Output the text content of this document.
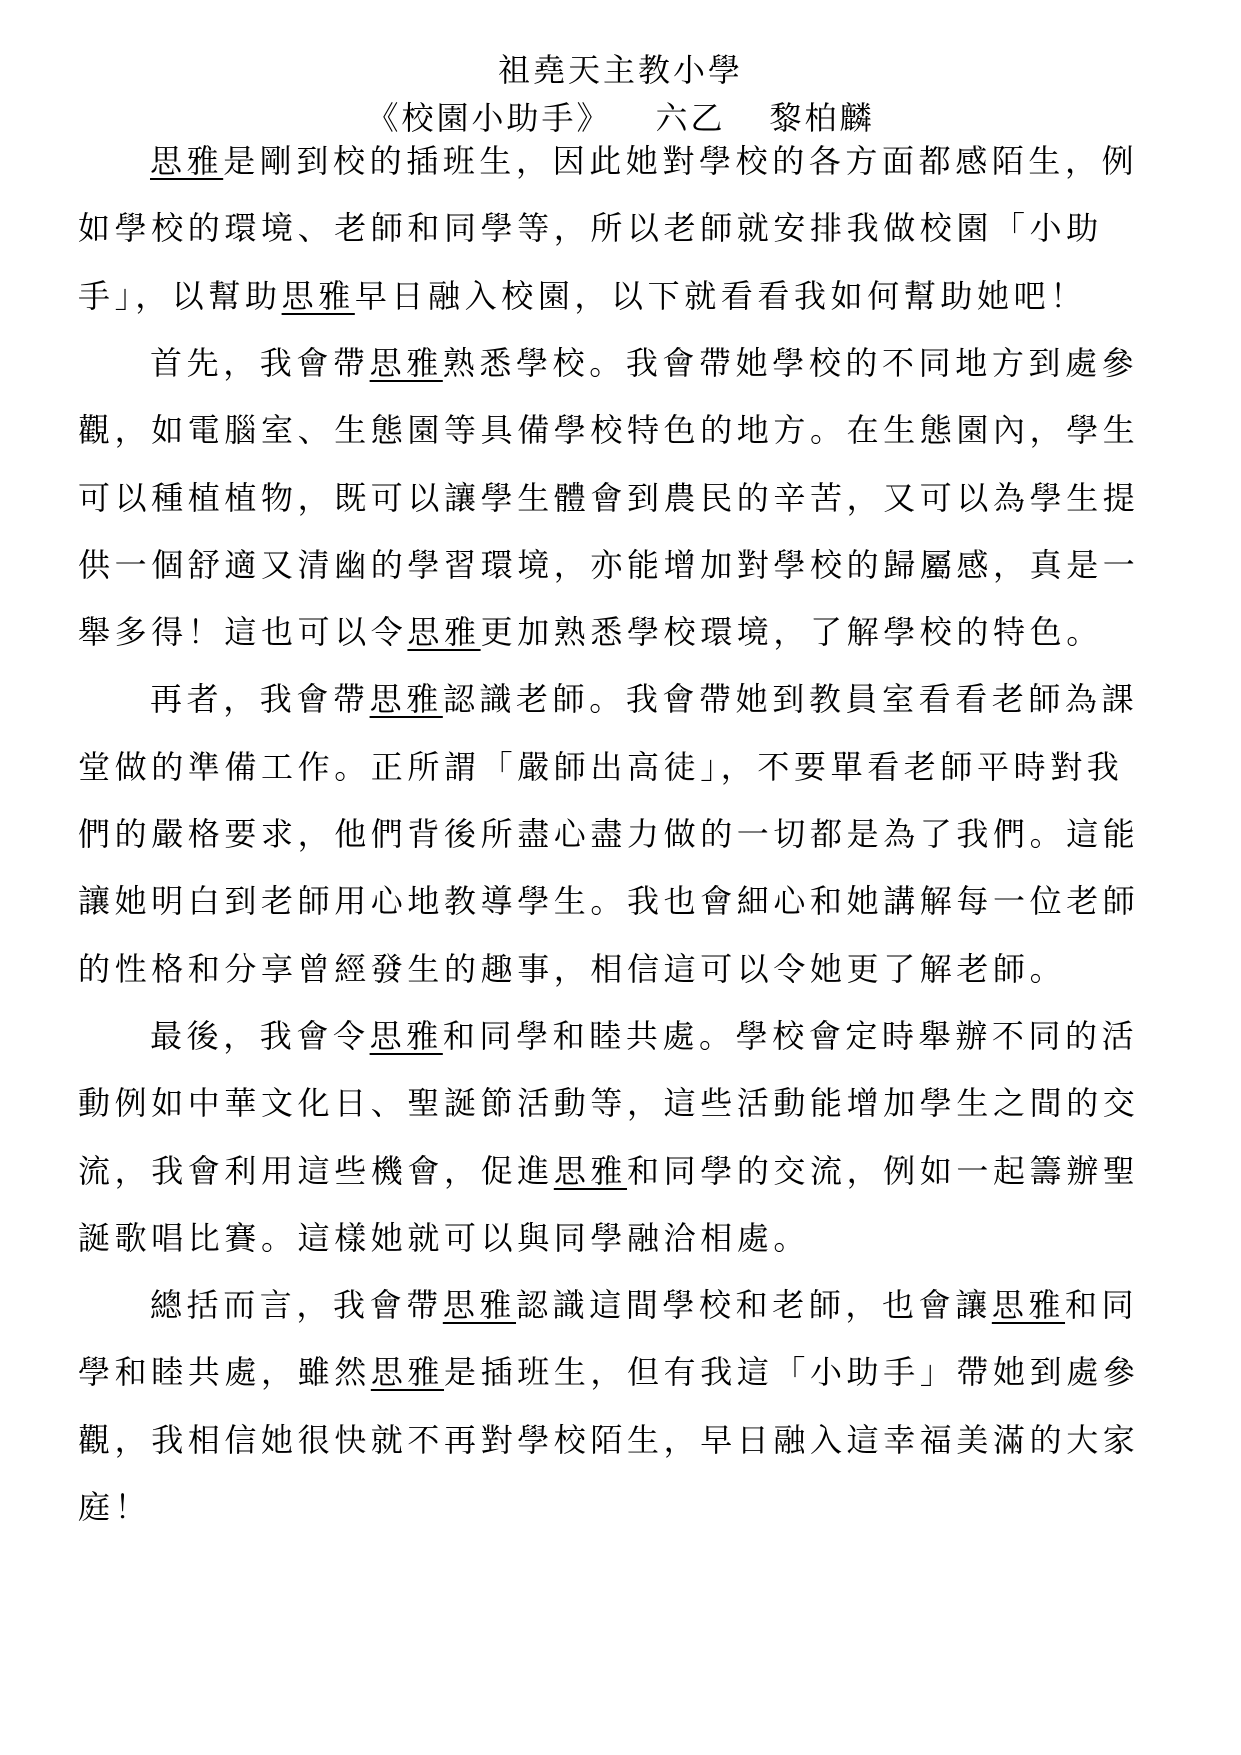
祖堯天主教小學
《校園小助手》 六乙 黎柏麟
思雅是剛到校的插班生，因此她對學校的各方面都感陌生，例
如學校的環境、老師和同學等，所以老師就安排我做校園「小助
手」，以幫助思雅早日融入校園，以下就看看我如何幫助她吧！
首先，我會帶思雅熟悉學校。我會帶她學校的不同地方到處參
觀，如電腦室、生態園等具備學校特色的地方。在生態園內，學生
可以種植植物，既可以讓學生體會到農民的辛苦，又可以為學生提
供一個舒適又清幽的學習環境，亦能增加對學校的歸屬感，真是一
舉多得！這也可以令思雅更加熟悉學校環境，了解學校的特色。
再者，我會帶思雅認識老師。我會帶她到教員室看看老師為課
堂做的準備工作。正所謂「嚴師出高徒」，不要單看老師平時對我
們的嚴格要求，他們背後所盡心盡力做的一切都是為了我們。這能
讓她明白到老師用心地教導學生。我也會細心和她講解每一位老師
的性格和分享曾經發生的趣事，相信這可以令她更了解老師。
最後，我會令思雅和同學和睦共處。學校會定時舉辦不同的活
動例如中華文化日、聖誕節活動等，這些活動能增加學生之間的交
流，我會利用這些機會，促進思雅和同學的交流，例如一起籌辦聖
誕歌唱比賽。這樣她就可以與同學融洽相處。
總括而言，我會帶思雅認識這間學校和老師，也會讓思雅和同
學和睦共處，雖然思雅是插班生，但有我這「小助手」帶她到處參
觀，我相信她很快就不再對學校陌生，早日融入這幸福美滿的大家
庭！
